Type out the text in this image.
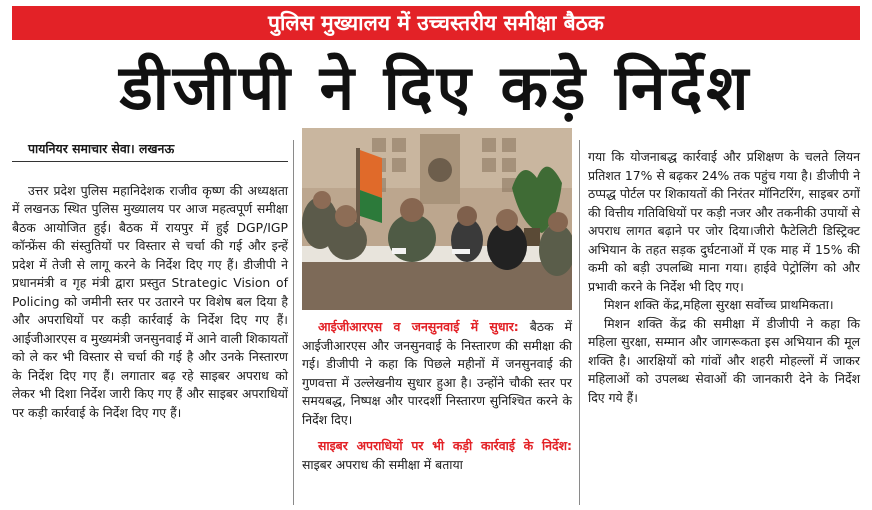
पुलिस मुख्यालय में उच्चस्तरीय समीक्षा बैठक
डीजीपी ने दिए कड़े निर्देश

पायनियर समाचार सेवा। लखनऊ

उत्तर प्रदेश पुलिस महानिदेशक राजीव कृष्ण की अध्यक्षता में लखनऊ स्थित पुलिस मुख्यालय पर आज महत्वपूर्ण समीक्षा बैठक आयोजित हुई। बैठक में रायपुर में हुई DGP/IGP कॉन्फ्रेंस की संस्तुतियों पर विस्तार से चर्चा की गई और इन्हें प्रदेश में तेजी से लागू करने के निर्देश दिए गए हैं। डीजीपी ने प्रधानमंत्री व गृह मंत्री द्वारा प्रस्तुत Strategic Vision of Policing को जमीनी स्तर पर उतारने पर विशेष बल दिया है और अपराधियों पर कड़ी कार्रवाई के निर्देश दिए गए हैं। आईजीआरएस व मुख्यमंत्री जनसुनवाई में आने वाली शिकायतों को ले कर भी विस्तार से चर्चा की गई है और उनके निस्तारण के निर्देश दिए गए हैं। लगातार बढ़ रहे साइबर अपराध को लेकर भी दिशा निर्देश जारी किए गए हैं और साइबर अपराधियों पर कड़ी कार्रवाई के निर्देश दिए गए हैं।

आईजीआरएस व जनसुनवाई में सुधार: बैठक में आईजीआरएस और जनसुनवाई के निस्तारण की समीक्षा की गई। डीजीपी ने कहा कि पिछले महीनों में जनसुनवाई की गुणवत्ता में उल्लेखनीय सुधार हुआ है। उन्होंने चौकी स्तर पर समयबद्ध, निष्पक्ष और पारदर्शी निस्तारण सुनिश्चित करने के निर्देश दिए।

साइबर अपराधियों पर भी कड़ी कार्रवाई के निर्देश: साइबर अपराध की समीक्षा में बताया

गया कि योजनाबद्ध कार्रवाई और प्रशिक्षण के चलते लियन प्रतिशत 17% से बढ़कर 24% तक पहुंच गया है। डीजीपी ने ठप्पद्ध पोर्टल पर शिकायतों की निरंतर मॉनिटरिंग, साइबर ठगों की वित्तीय गतिविधियों पर कड़ी नजर और तकनीकी उपायों से अपराध लागत बढ़ाने पर जोर दिया।जीरो फैटेलिटी डिस्ट्रिक्ट अभियान के तहत सड़क दुर्घटनाओं में एक माह में 15% की कमी को बड़ी उपलब्धि माना गया। हाईवे पेट्रोलिंग को और प्रभावी करने के निर्देश भी दिए गए।

मिशन शक्ति केंद्र,महिला सुरक्षा सर्वोच्च प्राथमिकता।

मिशन शक्ति केंद्र की समीक्षा में डीजीपी ने कहा कि महिला सुरक्षा, सम्मान और जागरूकता इस अभियान की मूल शक्ति है। आरक्षियों को गांवों और शहरी मोहल्लों में जाकर महिलाओं को उपलब्ध सेवाओं की जानकारी देने के निर्देश दिए गये हैं।
